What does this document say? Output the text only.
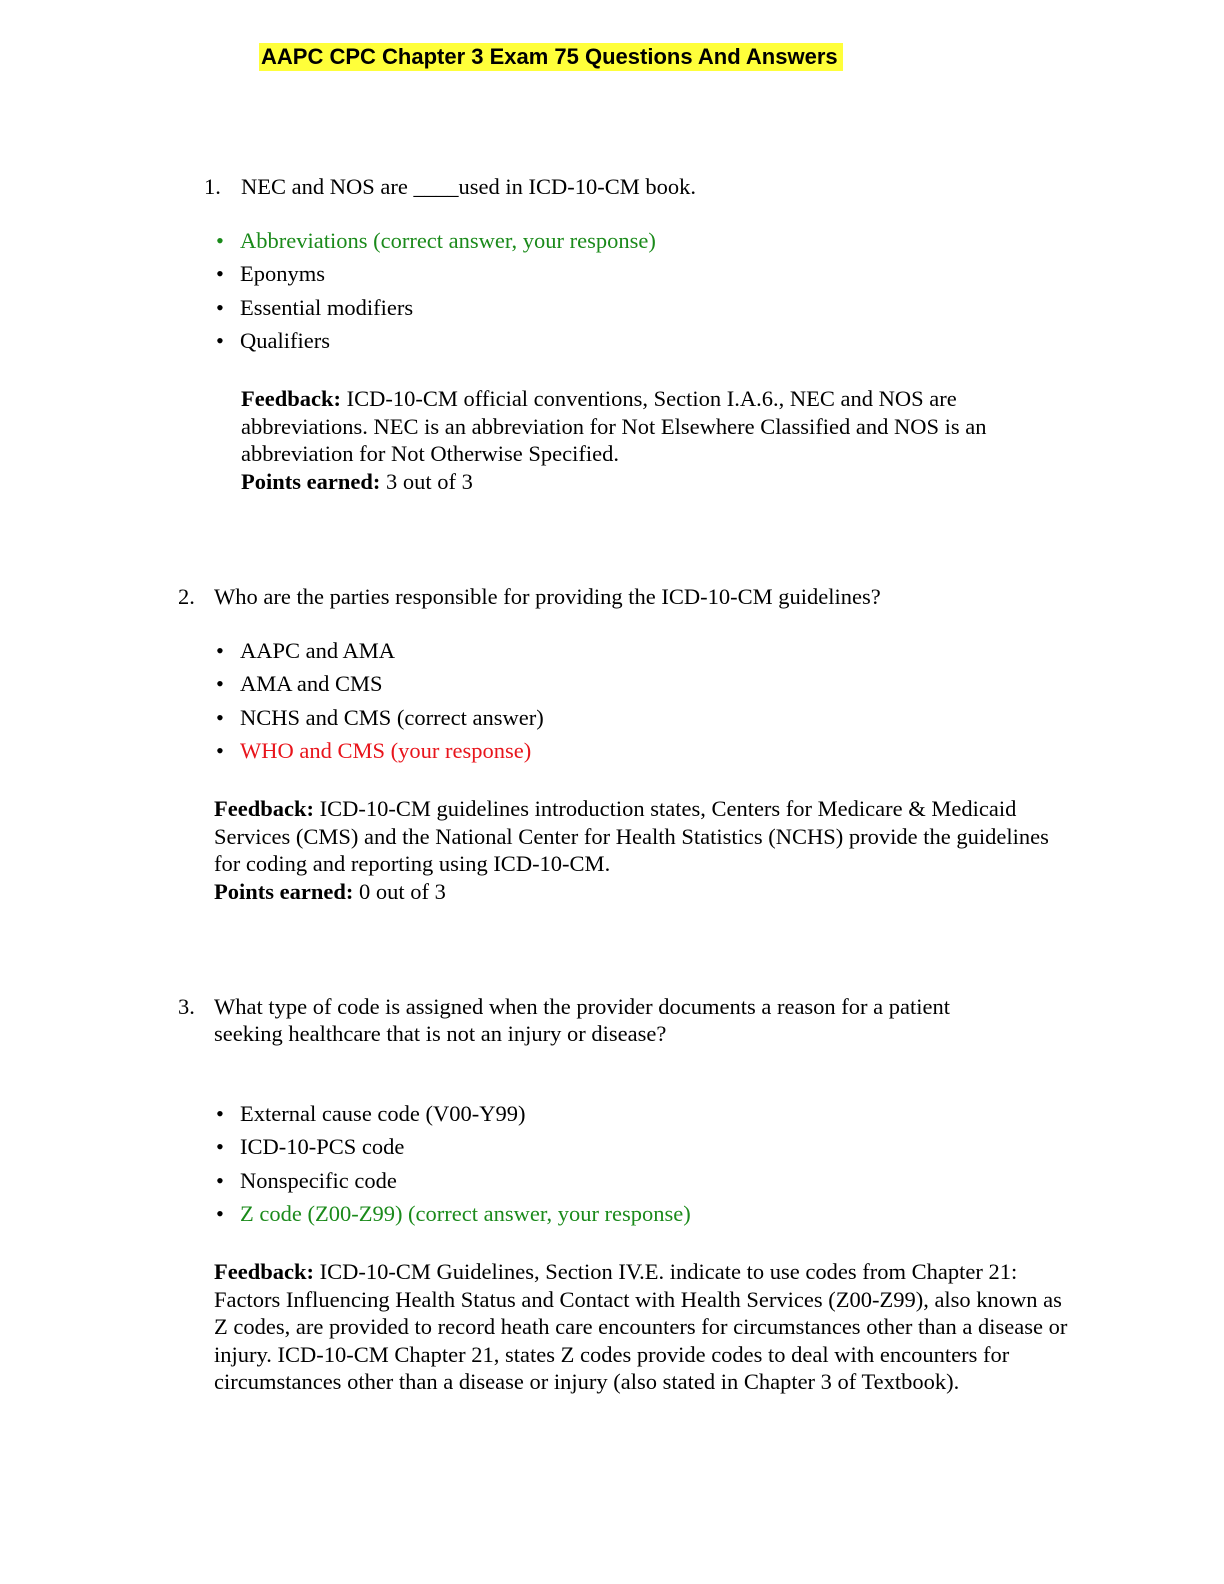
AAPC CPC Chapter 3 Exam 75 Questions And Answers
1. NEC and NOS are ____used in ICD-10-CM book.
• Abbreviations (correct answer, your response)
• Eponyms
• Essential modifiers
• Qualifiers
Feedback: ICD-10-CM official conventions, Section I.A.6., NEC and NOS are abbreviations. NEC is an abbreviation for Not Elsewhere Classified and NOS is an abbreviation for Not Otherwise Specified.
Points earned: 3 out of 3
2. Who are the parties responsible for providing the ICD-10-CM guidelines?
• AAPC and AMA
• AMA and CMS
• NCHS and CMS (correct answer)
• WHO and CMS (your response)
Feedback: ICD-10-CM guidelines introduction states, Centers for Medicare & Medicaid Services (CMS) and the National Center for Health Statistics (NCHS) provide the guidelines for coding and reporting using ICD-10-CM.
Points earned: 0 out of 3
3. What type of code is assigned when the provider documents a reason for a patient
seeking healthcare that is not an injury or disease?
• External cause code (V00-Y99)
• ICD-10-PCS code
• Nonspecific code
• Z code (Z00-Z99) (correct answer, your response)
Feedback: ICD-10-CM Guidelines, Section IV.E. indicate to use codes from Chapter 21: Factors Influencing Health Status and Contact with Health Services (Z00-Z99), also known as Z codes, are provided to record heath care encounters for circumstances other than a disease or injury. ICD-10-CM Chapter 21, states Z codes provide codes to deal with encounters for circumstances other than a disease or injury (also stated in Chapter 3 of Textbook).
